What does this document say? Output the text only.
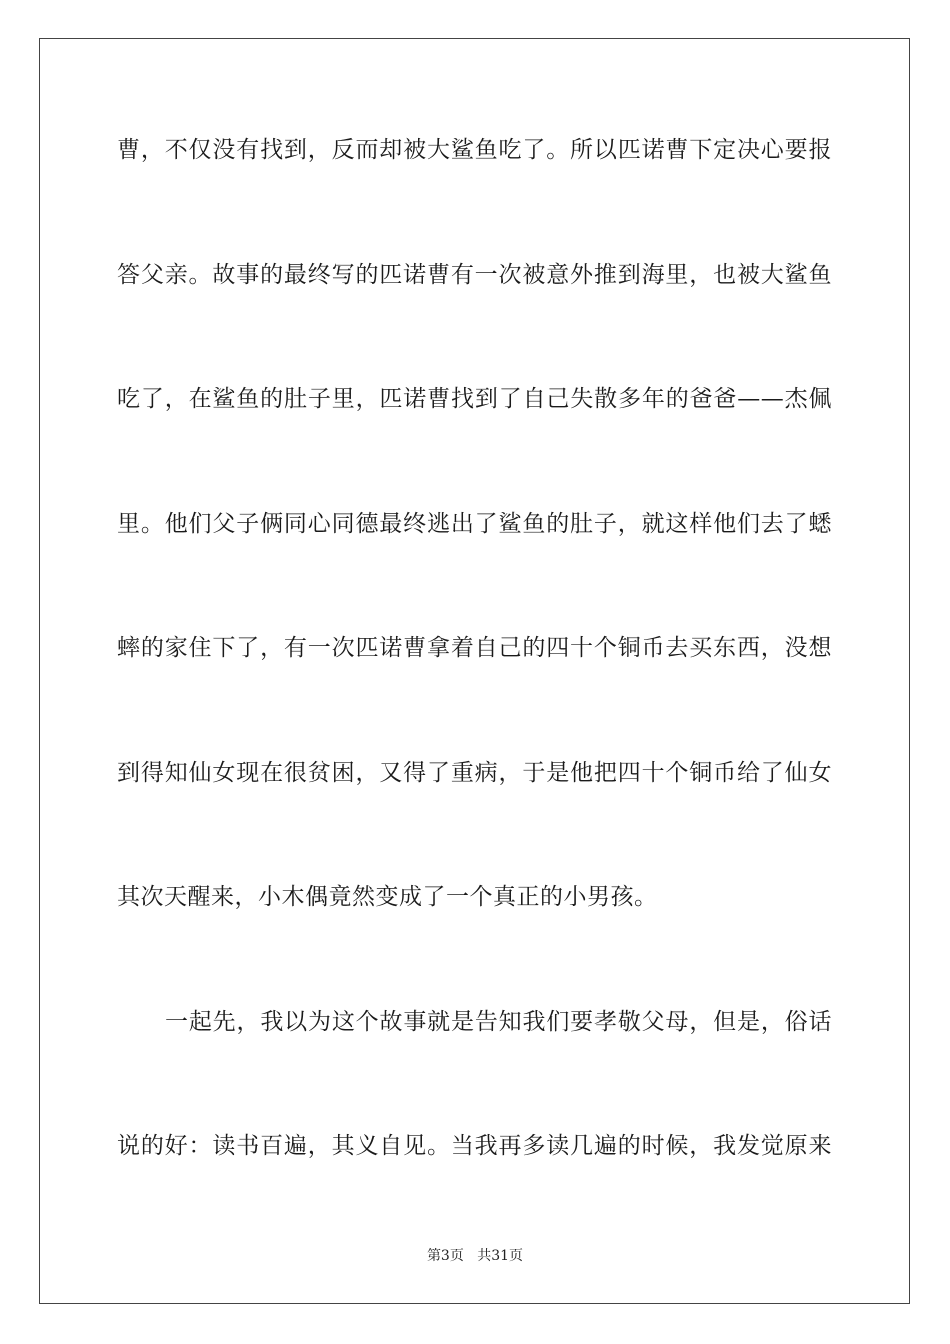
曹，不仅没有找到，反而却被大鲨鱼吃了。所以匹诺曹下定决心要报
答父亲。故事的最终写的匹诺曹有一次被意外推到海里，也被大鲨鱼
吃了，在鲨鱼的肚子里，匹诺曹找到了自己失散多年的爸爸——杰佩
里。他们父子俩同心同德最终逃出了鲨鱼的肚子，就这样他们去了蟋
蟀的家住下了，有一次匹诺曹拿着自己的四十个铜币去买东西，没想
到得知仙女现在很贫困，又得了重病，于是他把四十个铜币给了仙女
其次天醒来，小木偶竟然变成了一个真正的小男孩。
一起先，我以为这个故事就是告知我们要孝敬父母，但是，俗话
说的好：读书百遍，其义自见。当我再多读几遍的时候，我发觉原来
第3页 共31页
